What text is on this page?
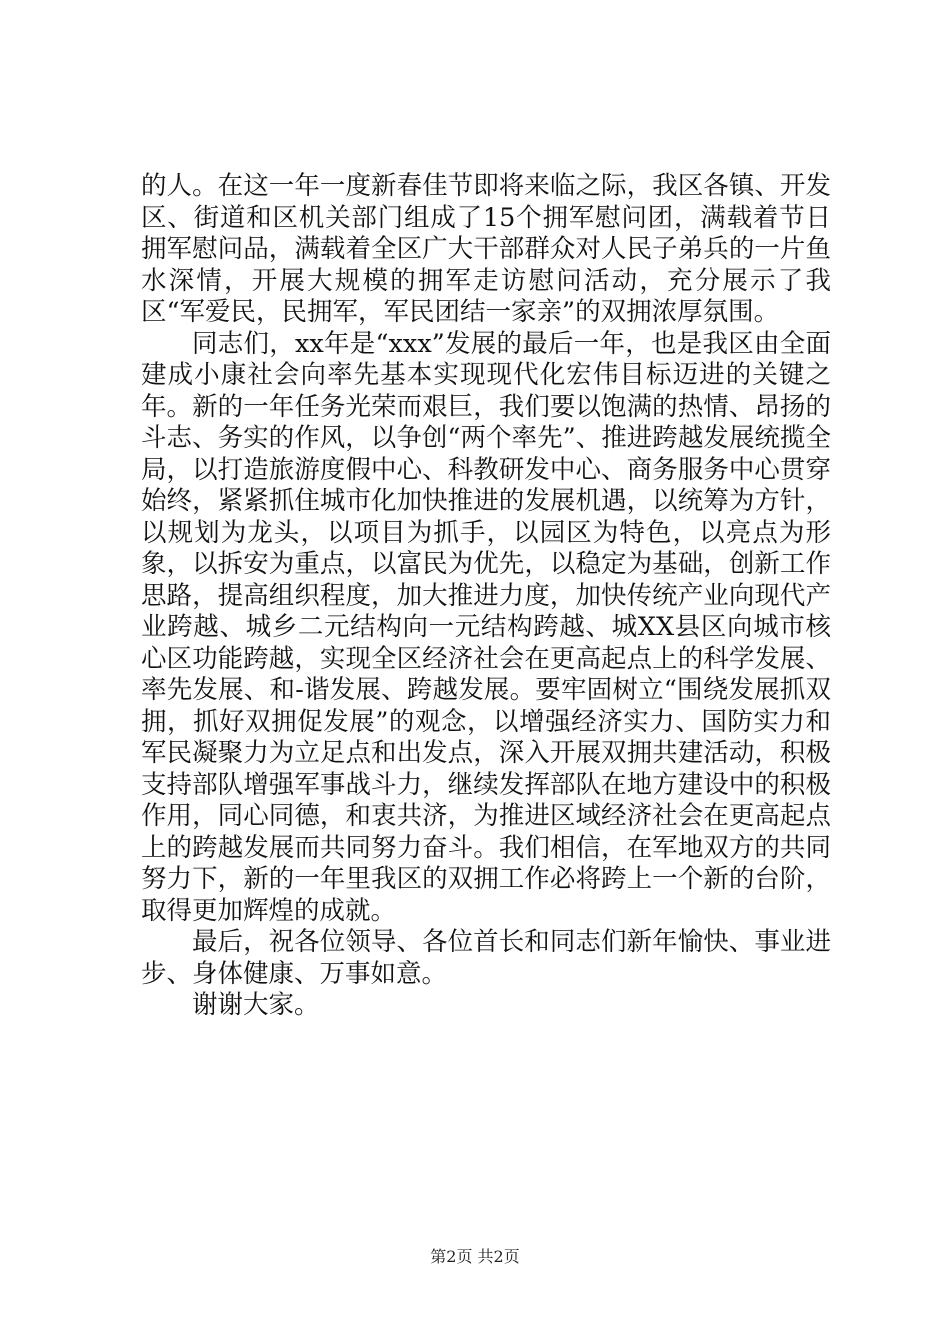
的人。在这一年一度新春佳节即将来临之际，我区各镇、开发区、街道和区机关部门组成了15个拥军慰问团，满载着节日拥军慰问品，满载着全区广大干部群众对人民子弟兵的一片鱼水深情，开展大规模的拥军走访慰问活动，充分展示了我区“军爱民，民拥军，军民团结一家亲”的双拥浓厚氛围。

同志们，xx年是“xxx”发展的最后一年，也是我区由全面建成小康社会向率先基本实现现代化宏伟目标迈进的关键之年。新的一年任务光荣而艰巨，我们要以饱满的热情、昂扬的斗志、务实的作风，以争创“两个率先”、推进跨越发展统揽全局，以打造旅游度假中心、科教研发中心、商务服务中心贯穿始终，紧紧抓住城市化加快推进的发展机遇，以统筹为方针，以规划为龙头，以项目为抓手，以园区为特色，以亮点为形象，以拆安为重点，以富民为优先，以稳定为基础，创新工作思路，提高组织程度，加大推进力度，加快传统产业向现代产业跨越、城乡二元结构向一元结构跨越、城XX县区向城市核心区功能跨越，实现全区经济社会在更高起点上的科学发展、率先发展、和-谐发展、跨越发展。要牢固树立“围绕发展抓双拥，抓好双拥促发展”的观念，以增强经济实力、国防实力和军民凝聚力为立足点和出发点，深入开展双拥共建活动，积极支持部队增强军事战斗力，继续发挥部队在地方建设中的积极作用，同心同德，和衷共济，为推进区域经济社会在更高起点上的跨越发展而共同努力奋斗。我们相信，在军地双方的共同努力下，新的一年里我区的双拥工作必将跨上一个新的台阶，取得更加辉煌的成就。

最后，祝各位领导、各位首长和同志们新年愉快、事业进步、身体健康、万事如意。

谢谢大家。

第2页 共2页
